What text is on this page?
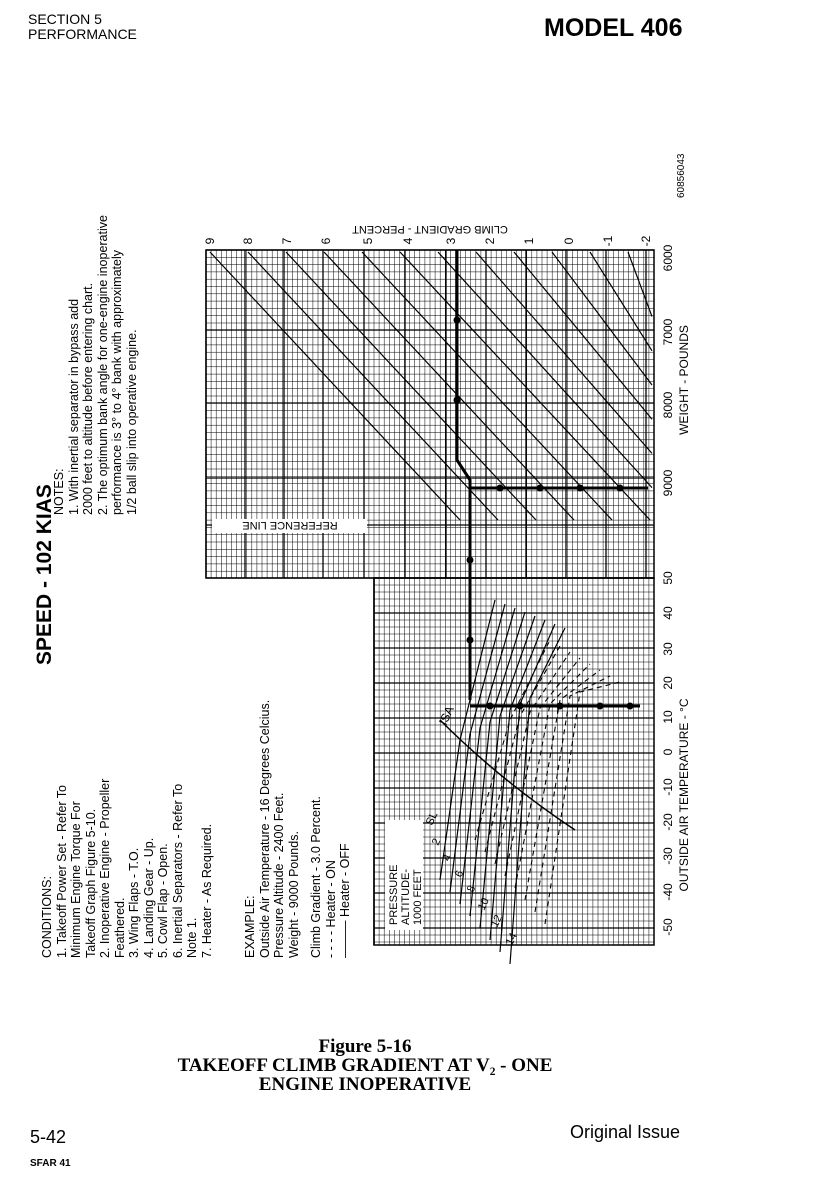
SECTION 5
PERFORMANCE	MODEL 406
SPEED - 102 KIAS
CONDITIONS: 1. Takeoff Power Set - Refer To Minimum Engine Torque For Takeoff Graph Figure 5-10. 2. Inoperative Engine - Propeller Feathered. 3. Wing Flaps - T.O. 4. Landing Gear - Up. 5. Cowl Flap - Open. 6. Inertial Separators - Refer To Note 1. 7. Heater - As Required. EXAMPLE: Outside Air Temperature - 16 Degrees Celcius. Pressure Altitude - 2400 Feet. Weight - 9000 Pounds. Climb Gradient - 3.0 Percent. - - - - Heater - ON
——— Heater - OFF
NOTES: 1. With inertial separator in bypass add 2000 feet to altitude before entering chart. 2. The optimum bank angle for one-engine inoperative performance is 3° to 4° bank with approximately 1/2 ball slip into operative engine.
60856043
9 8 7 6 5 4 3 2 1 0 -1 -2
CLIMB GRADIENT - PERCENT
9000
8000
7000
6000
WEIGHT - POUNDS
-50
-40
-30
-20
-10
0
10
20
30
40
50
OUTSIDE AIR TEMPERATURE - °C
REFERENCE LINE
PRESSURE ALTITUDE- 1000 FEET
SL
2
4
6
8
10
12
14
ISA
Figure 5-16
TAKEOFF CLIMB GRADIENT AT V₂ - ONE
ENGINE INOPERATIVE
5-42
SFAR 41
Original Issue
